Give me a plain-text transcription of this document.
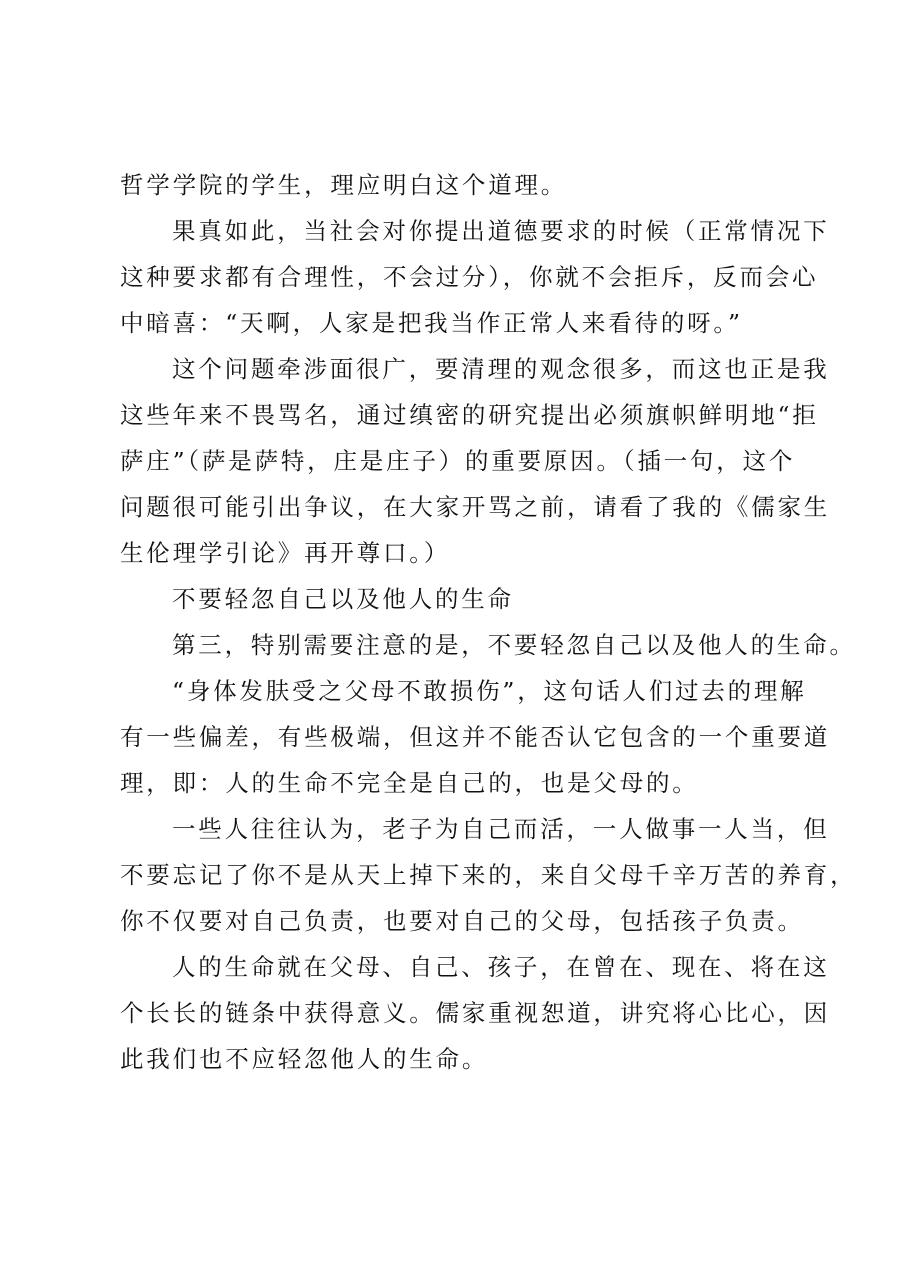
哲学学院的学生，理应明白这个道理。

果真如此，当社会对你提出道德要求的时候（正常情况下
这种要求都有合理性，不会过分），你就不会拒斥，反而会心
中暗喜：“天啊，人家是把我当作正常人来看待的呀。”

这个问题牵涉面很广，要清理的观念很多，而这也正是我
这些年来不畏骂名，通过缜密的研究提出必须旗帜鲜明地“拒
萨庄”（萨是萨特，庄是庄子）的重要原因。（插一句，这个
问题很可能引出争议，在大家开骂之前，请看了我的《儒家生
生伦理学引论》再开尊口。）

不要轻忽自己以及他人的生命

第三，特别需要注意的是，不要轻忽自己以及他人的生命。

“身体发肤受之父母不敢损伤”，这句话人们过去的理解
有一些偏差，有些极端，但这并不能否认它包含的一个重要道
理，即：人的生命不完全是自己的，也是父母的。

一些人往往认为，老子为自己而活，一人做事一人当，但
不要忘记了你不是从天上掉下来的，来自父母千辛万苦的养育，
你不仅要对自己负责，也要对自己的父母，包括孩子负责。

人的生命就在父母、自己、孩子，在曾在、现在、将在这
个长长的链条中获得意义。儒家重视恕道，讲究将心比心，因
此我们也不应轻忽他人的生命。
